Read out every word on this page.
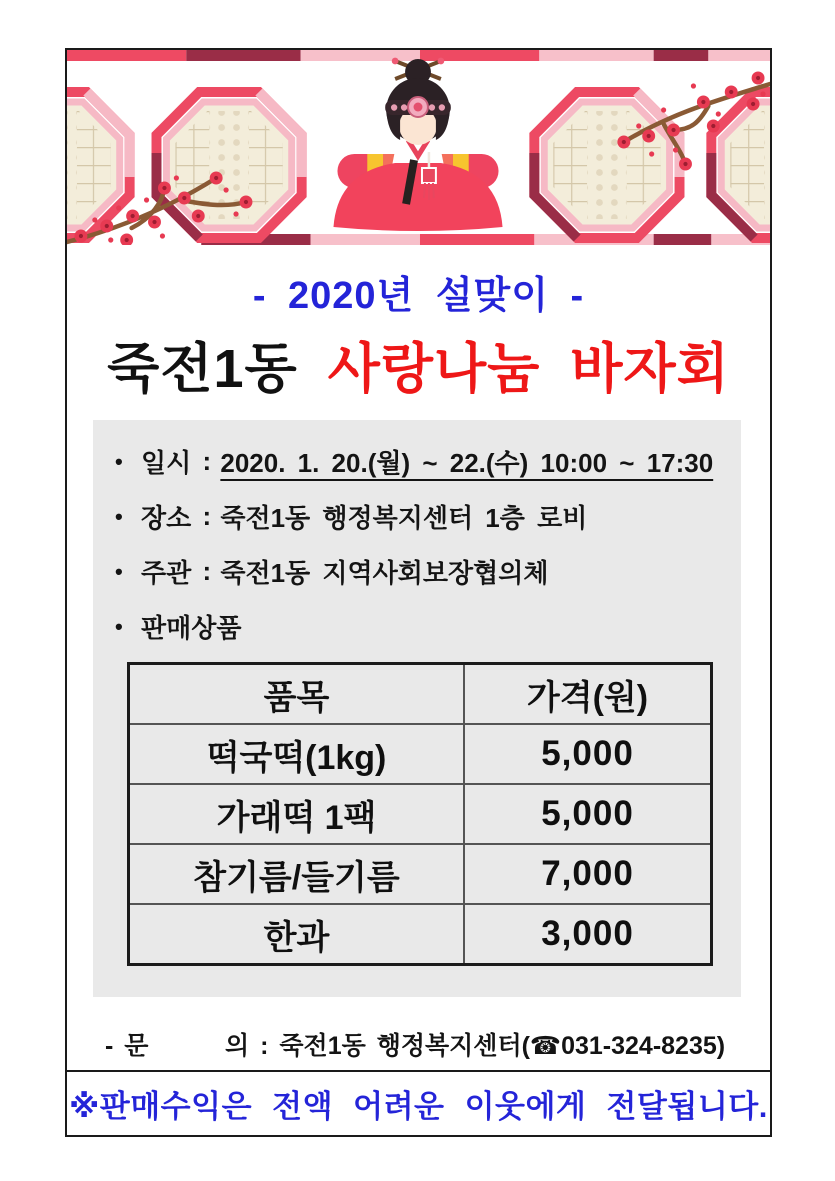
- 2020년 설맞이 -
죽전1동 사랑나눔 바자회
• 일시 : 2020. 1. 20.(월) ~ 22.(수) 10:00 ~ 17:30
• 장소 : 죽전1동 행정복지센터 1층 로비
• 주관 : 죽전1동 지역사회보장협의체
• 판매상품
품목	가격(원)
떡국떡(1kg)	5,000
가래떡 1팩	5,000
참기름/들기름	7,000
한과	3,000
- 문       의 : 죽전1동 행정복지센터(☎031-324-8235)
※판매수익은 전액 어려운 이웃에게 전달됩니다.
